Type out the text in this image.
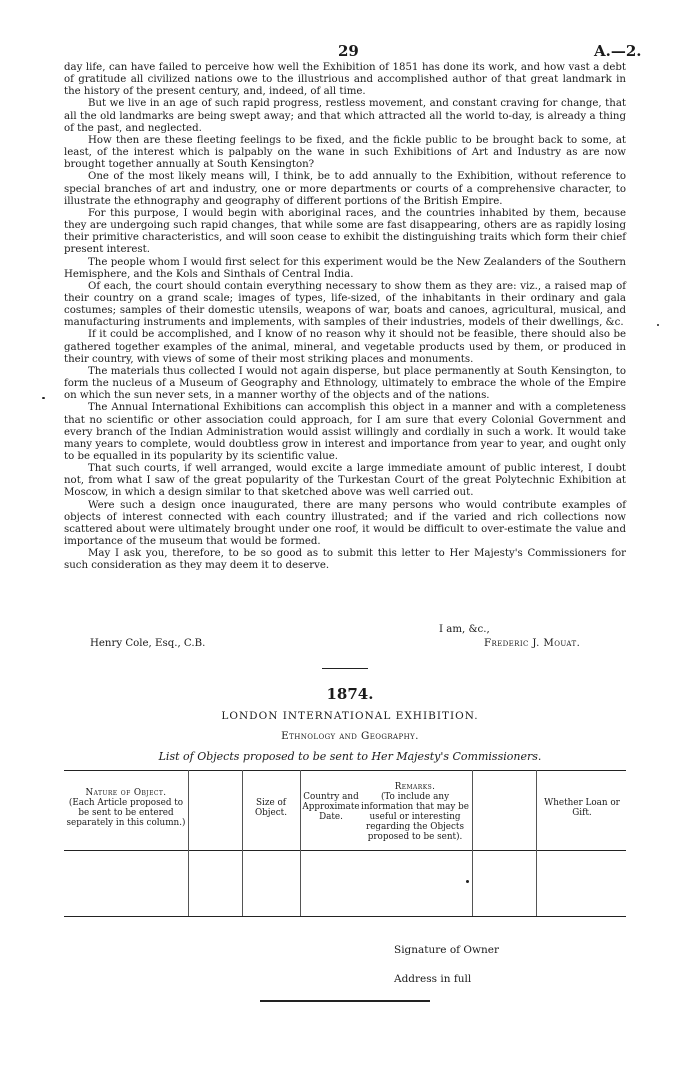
29	A.—2.

day life, can have failed to perceive how well the Exhibition of 1851 has done its work, and how vast a debt of gratitude all civilized nations owe to the illustrious and accomplished author of that great landmark in the history of the present century, and, indeed, of all time.

But we live in an age of such rapid progress, restless movement, and constant craving for change, that all the old landmarks are being swept away; and that which attracted all the world to-day, is already a thing of the past, and neglected.

How then are these fleeting feelings to be fixed, and the fickle public to be brought back to some, at least, of the interest which is palpably on the wane in such Exhibitions of Art and Industry as are now brought together annually at South Kensington?

One of the most likely means will, I think, be to add annually to the Exhibition, without reference to special branches of art and industry, one or more departments or courts of a comprehensive character, to illustrate the ethnography and geography of different portions of the British Empire.

For this purpose, I would begin with aboriginal races, and the countries inhabited by them, because they are undergoing such rapid changes, that while some are fast disappearing, others are as rapidly losing their primitive characteristics, and will soon cease to exhibit the distinguishing traits which form their chief present interest.

The people whom I would first select for this experiment would be the New Zealanders of the Southern Hemisphere, and the Kols and Sinthals of Central India.

Of each, the court should contain everything necessary to show them as they are: viz., a raised map of their country on a grand scale; images of types, life-sized, of the inhabitants in their ordinary and gala costumes; samples of their domestic utensils, weapons of war, boats and canoes, agricultural, musical, and manufacturing instruments and implements, with samples of their industries, models of their dwellings, &c.

If it could be accomplished, and I know of no reason why it should not be feasible, there should also be gathered together examples of the animal, mineral, and vegetable products used by them, or produced in their country, with views of some of their most striking places and monuments.

The materials thus collected I would not again disperse, but place permanently at South Kensington, to form the nucleus of a Museum of Geography and Ethnology, ultimately to embrace the whole of the Empire on which the sun never sets, in a manner worthy of the objects and of the nations.

The Annual International Exhibitions can accomplish this object in a manner and with a completeness that no scientific or other association could approach, for I am sure that every Colonial Government and every branch of the Indian Administration would assist willingly and cordially in such a work. It would take many years to complete, would doubtless grow in interest and importance from year to year, and ought only to be equalled in its popularity by its scientific value.

That such courts, if well arranged, would excite a large immediate amount of public interest, I doubt not, from what I saw of the great popularity of the Turkestan Court of the great Polytechnic Exhibition at Moscow, in which a design similar to that sketched above was well carried out.

Were such a design once inaugurated, there are many persons who would contribute examples of objects of interest connected with each country illustrated; and if the varied and rich collections now scattered about were ultimately brought under one roof, it would be difficult to over-estimate the value and importance of the museum that would be formed.

May I ask you, therefore, to be so good as to submit this letter to Her Majesty's Commissioners for such consideration as they may deem it to deserve.

I am, &c.,
Henry Cole, Esq., C.B.	Frederic J. Mouat.
1874.
LONDON INTERNATIONAL EXHIBITION.
Ethnology and Geography.
List of Objects proposed to be sent to Her Majesty's Commissioners.
Nature of Object.
(Each Article proposed to be sent to be entered separately in this column.)
Size of Object.
Country and Approximate Date.
Remarks.
(To include any information that may be useful or interesting regarding the Objects proposed to be sent).
Whether Loan or Gift.
Signature of Owner
Address in full
